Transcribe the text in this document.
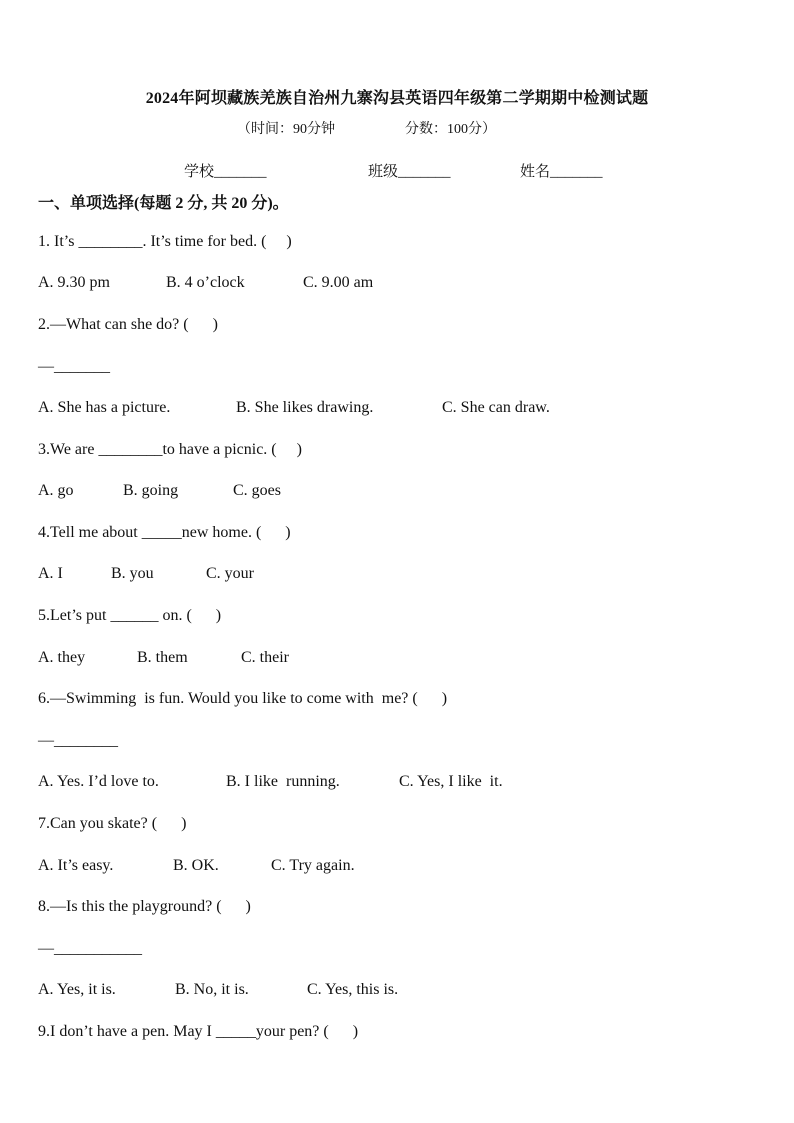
2024年阿坝藏族羌族自治州九寨沟县英语四年级第二学期期中检测试题
（时间：90分钟                    分数：100分）
学校_______	班级_______	姓名_______
一、单项选择(每题 2 分, 共 20 分)。
1. It’s ________. It’s time for bed. (     )
A. 9.30 pm	B. 4 o’clock	C. 9.00 am
2.—What can she do? (      )
—_______
A. She has a picture.	B. She likes drawing.	C. She can draw.
3.We are ________to have a picnic. (     )
A. go	B. going	C. goes
4.Tell me about _____new home. (      )
A. I	B. you	C. your
5.Let’s put ______ on. (      )
A. they	B. them	C. their
6.—Swimming  is fun. Would you like to come with  me? (      )
—________
A. Yes. I’d love to.	B. I like  running.	C. Yes, I like  it.
7.Can you skate? (      )
A. It’s easy.	B. OK.	C. Try again.
8.—Is this the playground? (      )
—___________
A. Yes, it is.	B. No, it is.	C. Yes, this is.
9.I don’t have a pen. May I _____your pen? (      )
